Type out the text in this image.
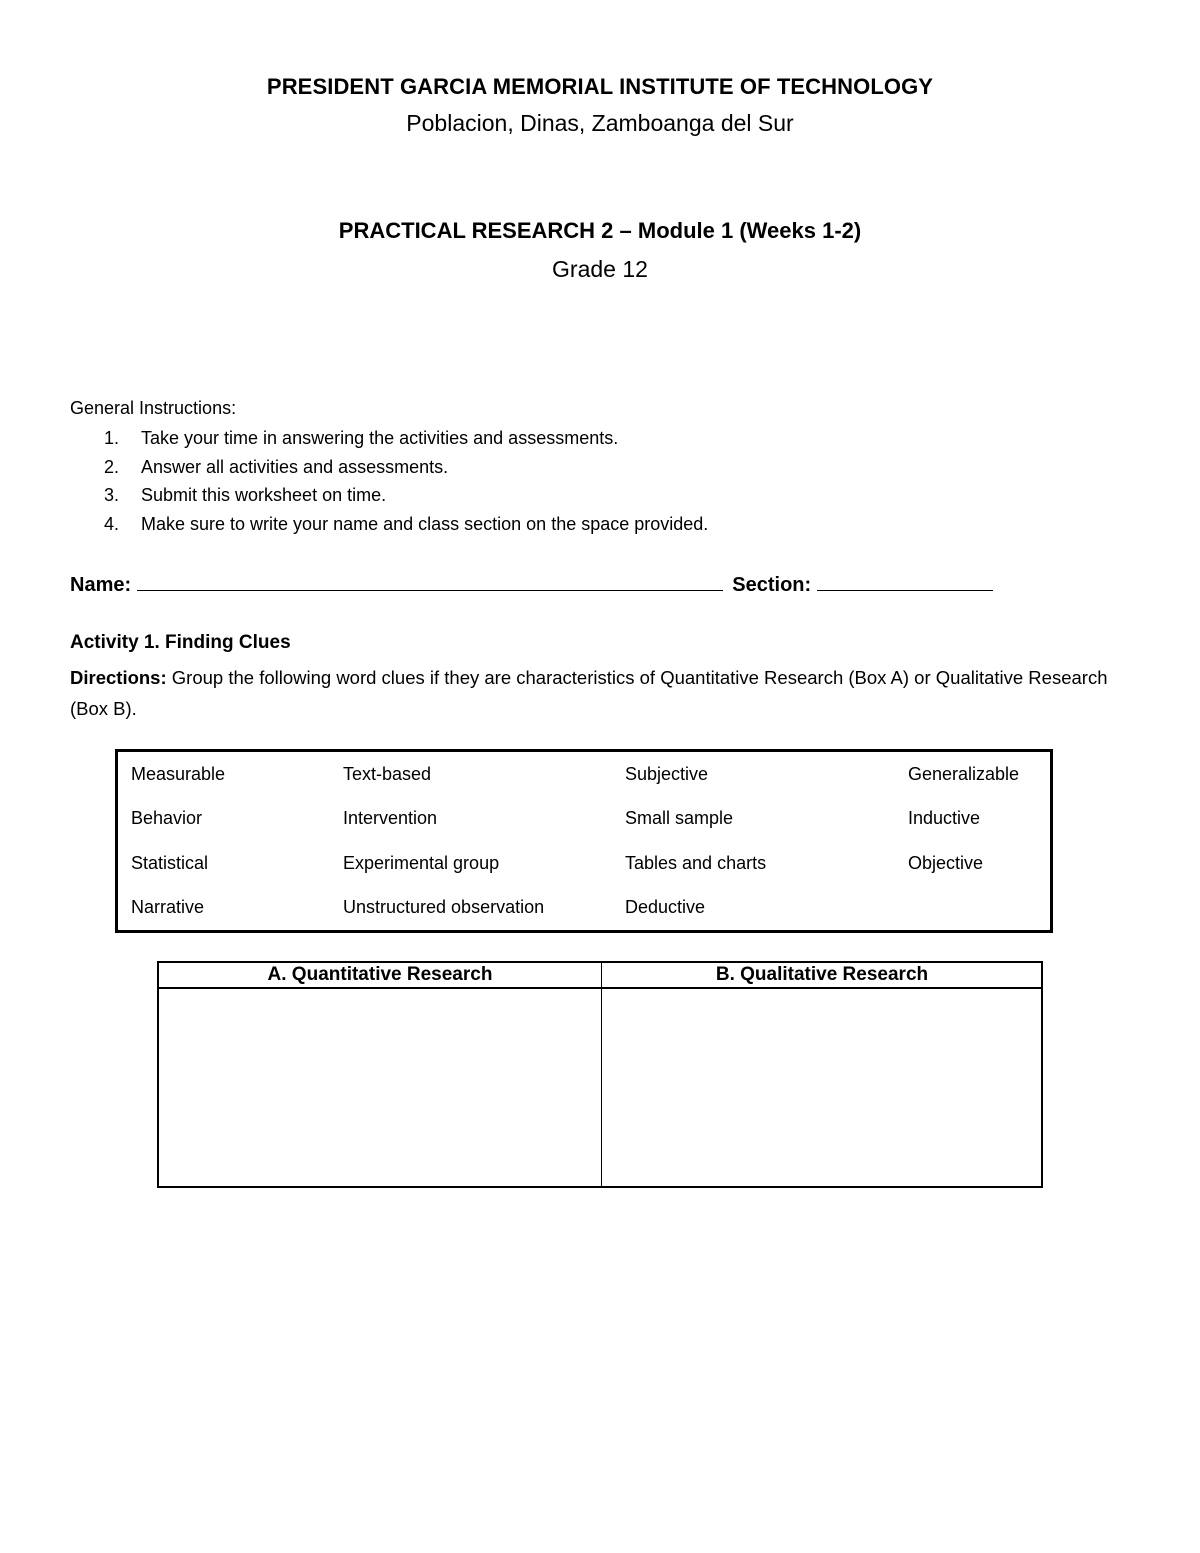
PRESIDENT GARCIA MEMORIAL INSTITUTE OF TECHNOLOGY
Poblacion, Dinas, Zamboanga del Sur
PRACTICAL RESEARCH 2 – Module 1 (Weeks 1-2)
Grade 12
General Instructions:
1.	Take your time in answering the activities and assessments.
2.	Answer all activities and assessments.
3.	Submit this worksheet on time.
4.	Make sure to write your name and class section on the space provided.
Name:	Section:
Activity 1. Finding Clues
Directions: Group the following word clues if they are characteristics of Quantitative Research (Box A) or Qualitative Research (Box B).
Measurable	Text-based	Subjective	Generalizable
Behavior	Intervention	Small sample	Inductive
Statistical	Experimental group	Tables and charts	Objective
Narrative	Unstructured observation	Deductive
A. Quantitative Research	B. Qualitative Research
